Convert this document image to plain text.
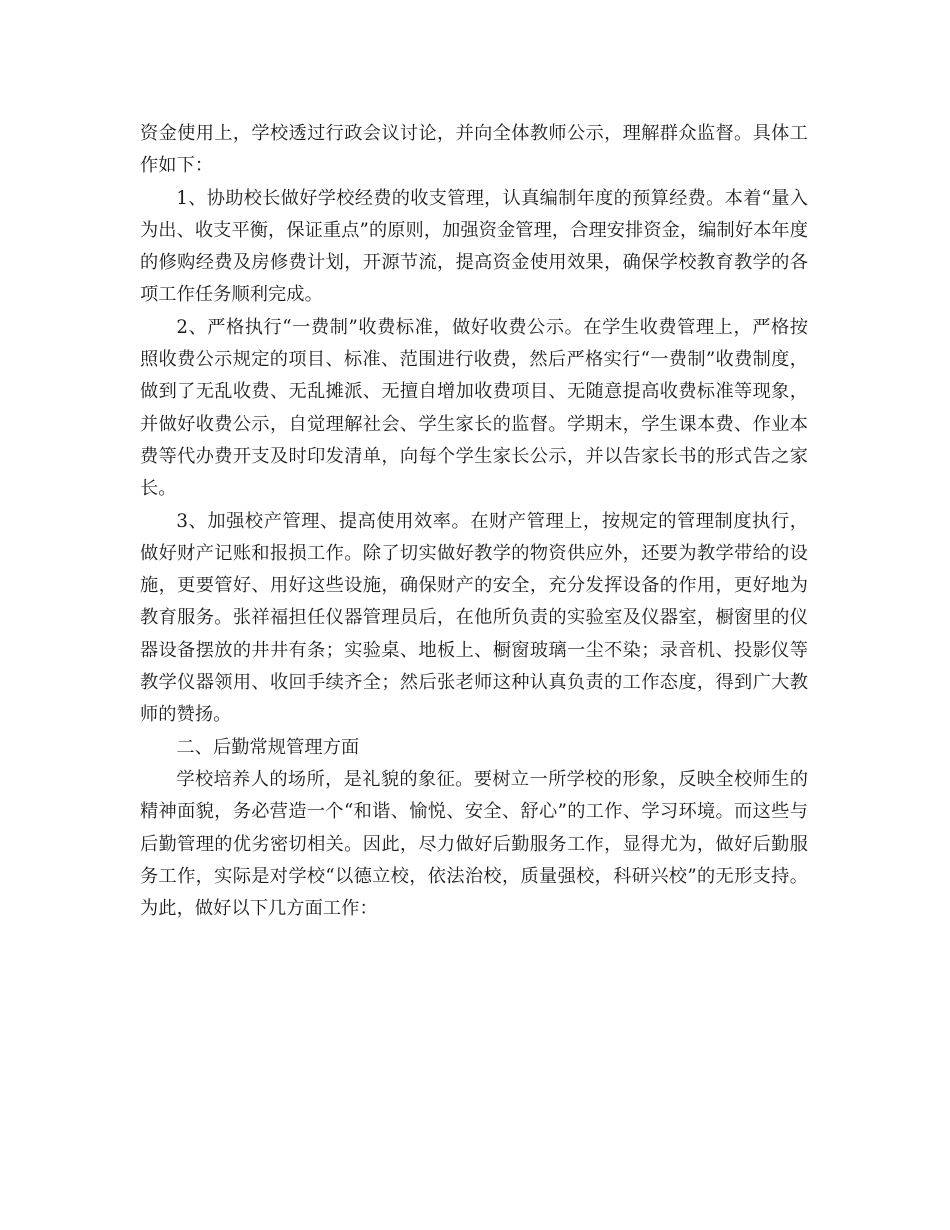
资金使用上，学校透过行政会议讨论，并向全体教师公示，理解群众监督。具体工作如下：

1、协助校长做好学校经费的收支管理，认真编制年度的预算经费。本着“量入为出、收支平衡，保证重点”的原则，加强资金管理，合理安排资金，编制好本年度的修购经费及房修费计划，开源节流，提高资金使用效果，确保学校教育教学的各项工作任务顺利完成。

2、严格执行“一费制”收费标准，做好收费公示。在学生收费管理上，严格按照收费公示规定的项目、标准、范围进行收费，然后严格实行“一费制”收费制度，做到了无乱收费、无乱摊派、无擅自增加收费项目、无随意提高收费标准等现象，并做好收费公示，自觉理解社会、学生家长的监督。学期末，学生课本费、作业本费等代办费开支及时印发清单，向每个学生家长公示，并以告家长书的形式告之家长。

3、加强校产管理、提高使用效率。在财产管理上，按规定的管理制度执行，做好财产记账和报损工作。除了切实做好教学的物资供应外，还要为教学带给的设施，更要管好、用好这些设施，确保财产的安全，充分发挥设备的作用，更好地为教育服务。张祥福担任仪器管理员后，在他所负责的实验室及仪器室，橱窗里的仪器设备摆放的井井有条；实验桌、地板上、橱窗玻璃一尘不染；录音机、投影仪等教学仪器领用、收回手续齐全；然后张老师这种认真负责的工作态度，得到广大教师的赞扬。

二、后勤常规管理方面

学校培养人的场所，是礼貌的象征。要树立一所学校的形象，反映全校师生的精神面貌，务必营造一个“和谐、愉悦、安全、舒心”的工作、学习环境。而这些与后勤管理的优劣密切相关。因此，尽力做好后勤服务工作，显得尤为，做好后勤服务工作，实际是对学校“以德立校，依法治校，质量强校，科研兴校”的无形支持。为此，做好以下几方面工作：
